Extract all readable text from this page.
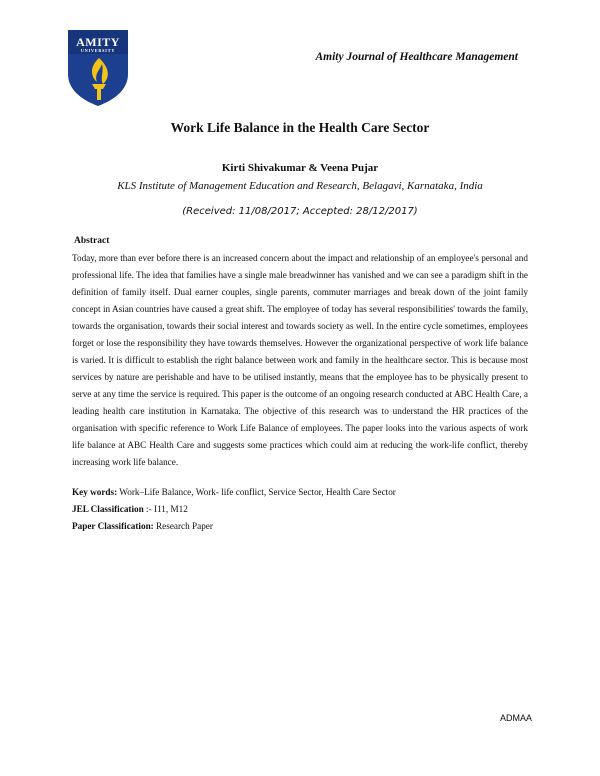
AMITY
UNIVERSITY
Amity Journal of Healthcare Management
Work Life Balance in the Health Care Sector
Kirti Shivakumar & Veena Pujar
KLS Institute of Management Education and Research, Belagavi, Karnataka, India
(Received: 11/08/2017; Accepted: 28/12/2017)
Abstract

Today, more than ever before there is an increased concern about the impact and relationship of an employee's personal and professional life. The idea that families have a single male breadwinner has vanished and we can see a paradigm shift in the definition of family itself. Dual earner couples, single parents, commuter marriages and break down of the joint family concept in Asian countries have caused a great shift. The employee of today has several responsibilities' towards the family, towards the organisation, towards their social interest and towards society as well. In the entire cycle sometimes, employees forget or lose the responsibility they have towards themselves. However the organizational perspective of work life balance is varied. It is difficult to establish the right balance between work and family in the healthcare sector. This is because most services by nature are perishable and have to be utilised instantly, means that the employee has to be physically present to serve at any time the service is required. This paper is the outcome of an ongoing research conducted at ABC Health Care, a leading health care institution in Karnataka. The objective of this research was to understand the HR practices of the organisation with specific reference to Work Life Balance of employees. The paper looks into the various aspects of work life balance at ABC Health Care and suggests some practices which could aim at reducing the work-life conflict, thereby increasing work life balance.

Key words: Work–Life Balance, Work- life conflict, Service Sector, Health Care Sector
JEL Classification :- I11, M12
Paper Classification: Research Paper
ADMAA
